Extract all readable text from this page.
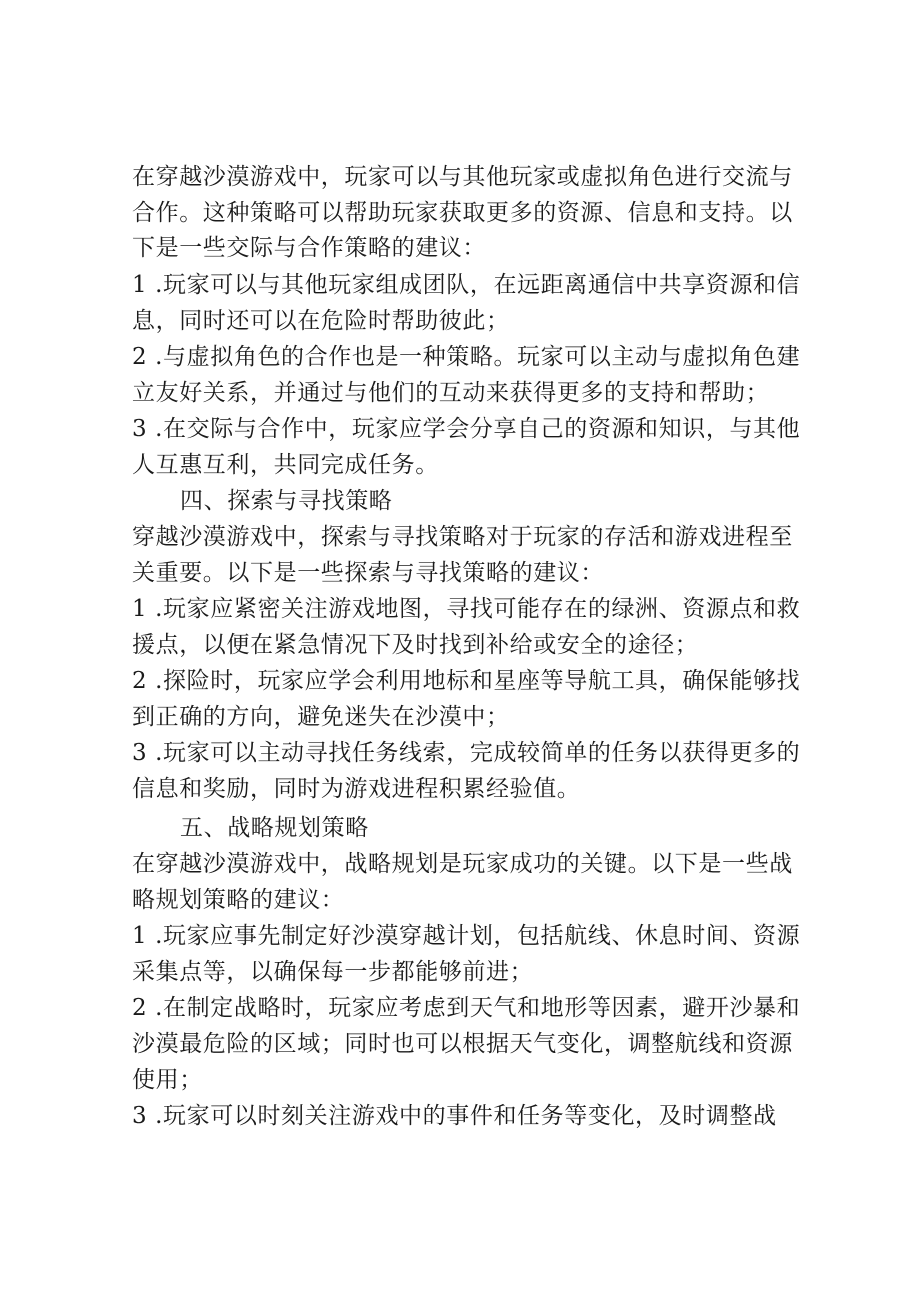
在穿越沙漠游戏中，玩家可以与其他玩家或虚拟角色进行交流与
合作。这种策略可以帮助玩家获取更多的资源、信息和支持。以
下是一些交际与合作策略的建议：
1 .玩家可以与其他玩家组成团队，在远距离通信中共享资源和信
息，同时还可以在危险时帮助彼此；
2 .与虚拟角色的合作也是一种策略。玩家可以主动与虚拟角色建
立友好关系，并通过与他们的互动来获得更多的支持和帮助；
3 .在交际与合作中，玩家应学会分享自己的资源和知识，与其他
人互惠互利，共同完成任务。
四、探索与寻找策略
穿越沙漠游戏中，探索与寻找策略对于玩家的存活和游戏进程至
关重要。以下是一些探索与寻找策略的建议：
1 .玩家应紧密关注游戏地图，寻找可能存在的绿洲、资源点和救
援点，以便在紧急情况下及时找到补给或安全的途径；
2 .探险时，玩家应学会利用地标和星座等导航工具，确保能够找
到正确的方向，避免迷失在沙漠中；
3 .玩家可以主动寻找任务线索，完成较简单的任务以获得更多的
信息和奖励，同时为游戏进程积累经验值。
五、战略规划策略
在穿越沙漠游戏中，战略规划是玩家成功的关键。以下是一些战
略规划策略的建议：
1 .玩家应事先制定好沙漠穿越计划，包括航线、休息时间、资源
采集点等，以确保每一步都能够前进；
2 .在制定战略时，玩家应考虑到天气和地形等因素，避开沙暴和
沙漠最危险的区域；同时也可以根据天气变化，调整航线和资源
使用；
3 .玩家可以时刻关注游戏中的事件和任务等变化，及时调整战
